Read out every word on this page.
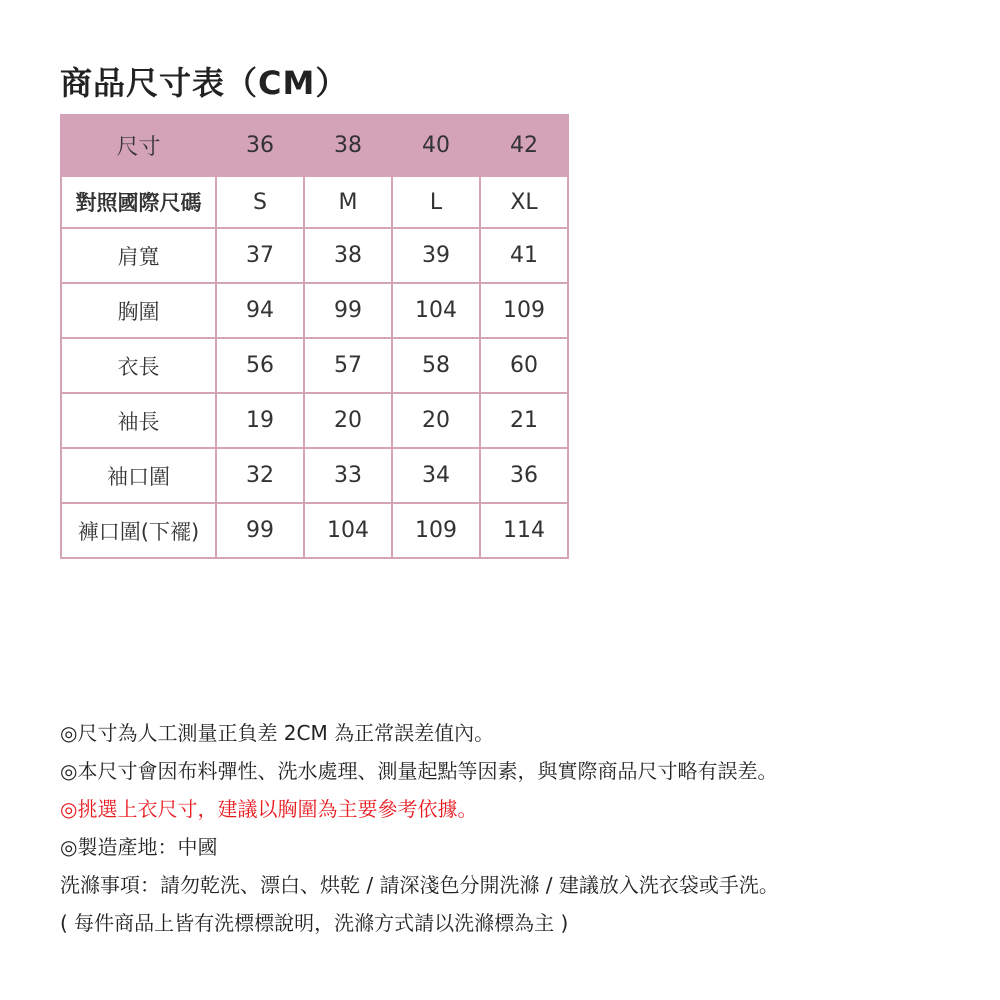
商品尺寸表（CM）
尺寸	36	38	40	42
對照國際尺碼	S	M	L	XL
肩寬	37	38	39	41
胸圍	94	99	104	109
衣長	56	57	58	60
袖長	19	20	20	21
袖口圍	32	33	34	36
褲口圍(下襬)	99	104	109	114
◎尺寸為人工測量正負差 2CM 為正常誤差值內。
◎本尺寸會因布料彈性、洗水處理、測量起點等因素，與實際商品尺寸略有誤差。
◎挑選上衣尺寸，建議以胸圍為主要參考依據。
◎製造產地：中國
洗滌事項：請勿乾洗、漂白、烘乾 / 請深淺色分開洗滌 / 建議放入洗衣袋或手洗。
( 每件商品上皆有洗標標說明，洗滌方式請以洗滌標為主 )
